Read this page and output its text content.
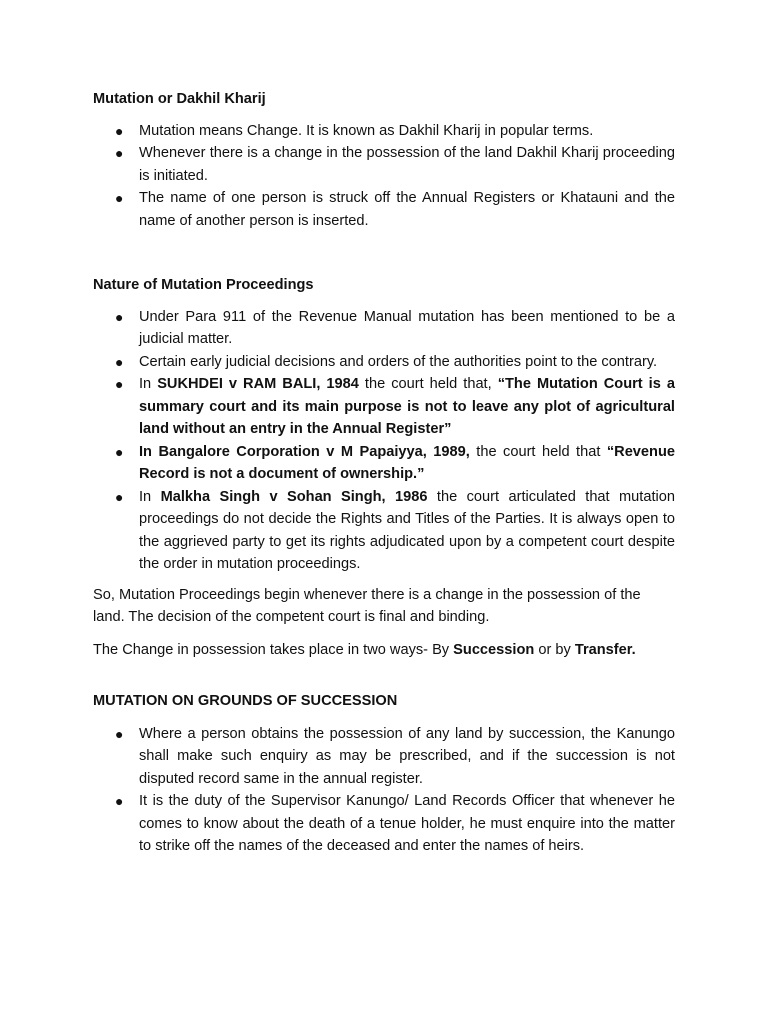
Mutation or Dakhil Kharij

● Mutation means Change. It is known as Dakhil Kharij in popular terms.
● Whenever there is a change in the possession of the land Dakhil Kharij proceeding is initiated.
● The name of one person is struck off the Annual Registers or Khatauni and the name of another person is inserted.

Nature of Mutation Proceedings

● Under Para 911 of the Revenue Manual mutation has been mentioned to be a judicial matter.
● Certain early judicial decisions and orders of the authorities point to the contrary.
● In SUKHDEI v RAM BALI, 1984 the court held that, “The Mutation Court is a summary court and its main purpose is not to leave any plot of agricultural land without an entry in the Annual Register”
● In Bangalore Corporation v M Papaiyya, 1989, the court held that “Revenue Record is not a document of ownership.”
● In Malkha Singh v Sohan Singh, 1986 the court articulated that mutation proceedings do not decide the Rights and Titles of the Parties. It is always open to the aggrieved party to get its rights adjudicated upon by a competent court despite the order in mutation proceedings.

So, Mutation Proceedings begin whenever there is a change in the possession of the land. The decision of the competent court is final and binding.

The Change in possession takes place in two ways- By Succession or by Transfer.

MUTATION ON GROUNDS OF SUCCESSION

● Where a person obtains the possession of any land by succession, the Kanungo shall make such enquiry as may be prescribed, and if the succession is not disputed record same in the annual register.
● It is the duty of the Supervisor Kanungo/ Land Records Officer that whenever he comes to know about the death of a tenue holder, he must enquire into the matter to strike off the names of the deceased and enter the names of heirs.
